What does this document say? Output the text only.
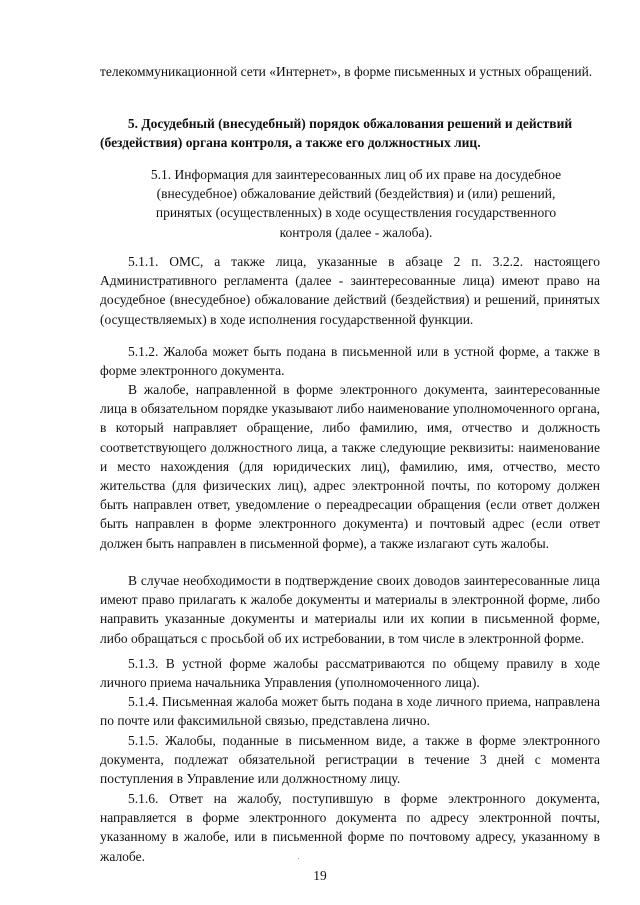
телекоммуникационной сети «Интернет», в форме письменных и устных обращений.

5. Досудебный (внесудебный) порядок обжалования решений и действий (бездействия) органа контроля, а также его должностных лиц.

5.1. Информация для заинтересованных лиц об их праве на досудебное (внесудебное) обжалование действий (бездействия) и (или) решений, принятых (осуществленных) в ходе осуществления государственного контроля (далее - жалоба).

5.1.1. ОМС, а также лица, указанные в абзаце 2 п. 3.2.2. настоящего Административного регламента (далее - заинтересованные лица) имеют право на досудебное (внесудебное) обжалование действий (бездействия) и решений, принятых (осуществляемых) в ходе исполнения государственной функции.

5.1.2. Жалоба может быть подана в письменной или в устной форме, а также в форме электронного документа.

В жалобе, направленной в форме электронного документа, заинтересованные лица в обязательном порядке указывают либо наименование уполномоченного органа, в который направляет обращение, либо фамилию, имя, отчество и должность соответствующего должностного лица, а также следующие реквизиты: наименование и место нахождения (для юридических лиц), фамилию, имя, отчество, место жительства (для физических лиц), адрес электронной почты, по которому должен быть направлен ответ, уведомление о переадресации обращения (если ответ должен быть направлен в форме электронного документа) и почтовый адрес (если ответ должен быть направлен в письменной форме), а также излагают суть жалобы.

В случае необходимости в подтверждение своих доводов заинтересованные лица имеют право прилагать к жалобе документы и материалы в электронной форме, либо направить указанные документы и материалы или их копии в письменной форме, либо обращаться с просьбой об их истребовании, в том числе в электронной форме.

5.1.3. В устной форме жалобы рассматриваются по общему правилу в ходе личного приема начальника Управления (уполномоченного лица).

5.1.4. Письменная жалоба может быть подана в ходе личного приема, направлена по почте или факсимильной связью, представлена лично.

5.1.5. Жалобы, поданные в письменном виде, а также в форме электронного документа, подлежат обязательной регистрации в течение 3 дней с момента поступления в Управление или должностному лицу.

5.1.6. Ответ на жалобу, поступившую в форме электронного документа, направляется в форме электронного документа по адресу электронной почты, указанному в жалобе, или в письменной форме по почтовому адресу, указанному в жалобе.

19
